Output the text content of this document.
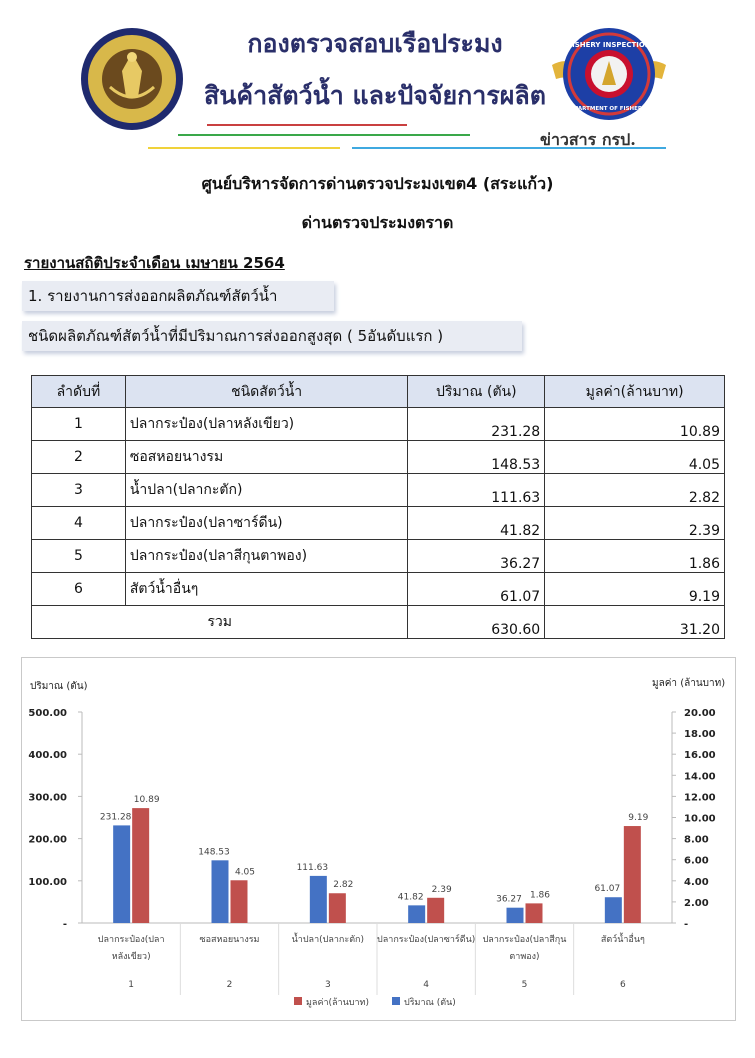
FISHERY INSPECTION
DEPARTMENT OF FISHERIES
กองตรวจสอบเรือประมง
สินค้าสัตว์น้ำ และปัจจัยการผลิต
ข่าวสาร กรป.
ศูนย์บริหารจัดการด่านตรวจประมงเขต4 (สระแก้ว)
ด่านตรวจประมงตราด
รายงานสถิติประจำเดือน เมษายน 2564
1. รายงานการส่งออกผลิตภัณฑ์สัตว์น้ำ
ชนิดผลิตภัณฑ์สัตว์น้ำที่มีปริมาณการส่งออกสูงสุด ( 5อันดับแรก )
ลำดับที่	ชนิดสัตว์น้ำ	ปริมาณ (ตัน)	มูลค่า(ล้านบาท)
1	ปลากระป๋อง(ปลาหลังเขียว)	231.28	10.89
2	ซอสหอยนางรม	148.53	4.05
3	น้ำปลา(ปลากะตัก)	111.63	2.82
4	ปลากระป๋อง(ปลาซาร์ดีน)	41.82	2.39
5	ปลากระป๋อง(ปลาสีกุนตาพอง)	36.27	1.86
6	สัตว์น้ำอื่นๆ	61.07	9.19
รวม		630.60	31.20
ปริมาณ (ตัน)	มูลค่า (ล้านบาท)
500.00
400.00
300.00
200.00
100.00
-
20.00
18.00
16.00
14.00
12.00
10.00
8.00
6.00
4.00
2.00
-
231.28
10.89
ปลากระป๋อง(ปลา
หลังเขียว)
1
148.53
4.05
ซอสหอยนางรม
2
111.63
2.82
น้ำปลา(ปลากะตัก)
3
41.82
2.39
ปลากระป๋อง(ปลาซาร์ดีน)
4
36.27 1.86
ปลากระป๋อง(ปลาสีกุน
ตาพอง)
5
61.07
9.19
สัตว์น้ำอื่นๆ
6
มูลค่า(ล้านบาท)	ปริมาณ (ตัน)
